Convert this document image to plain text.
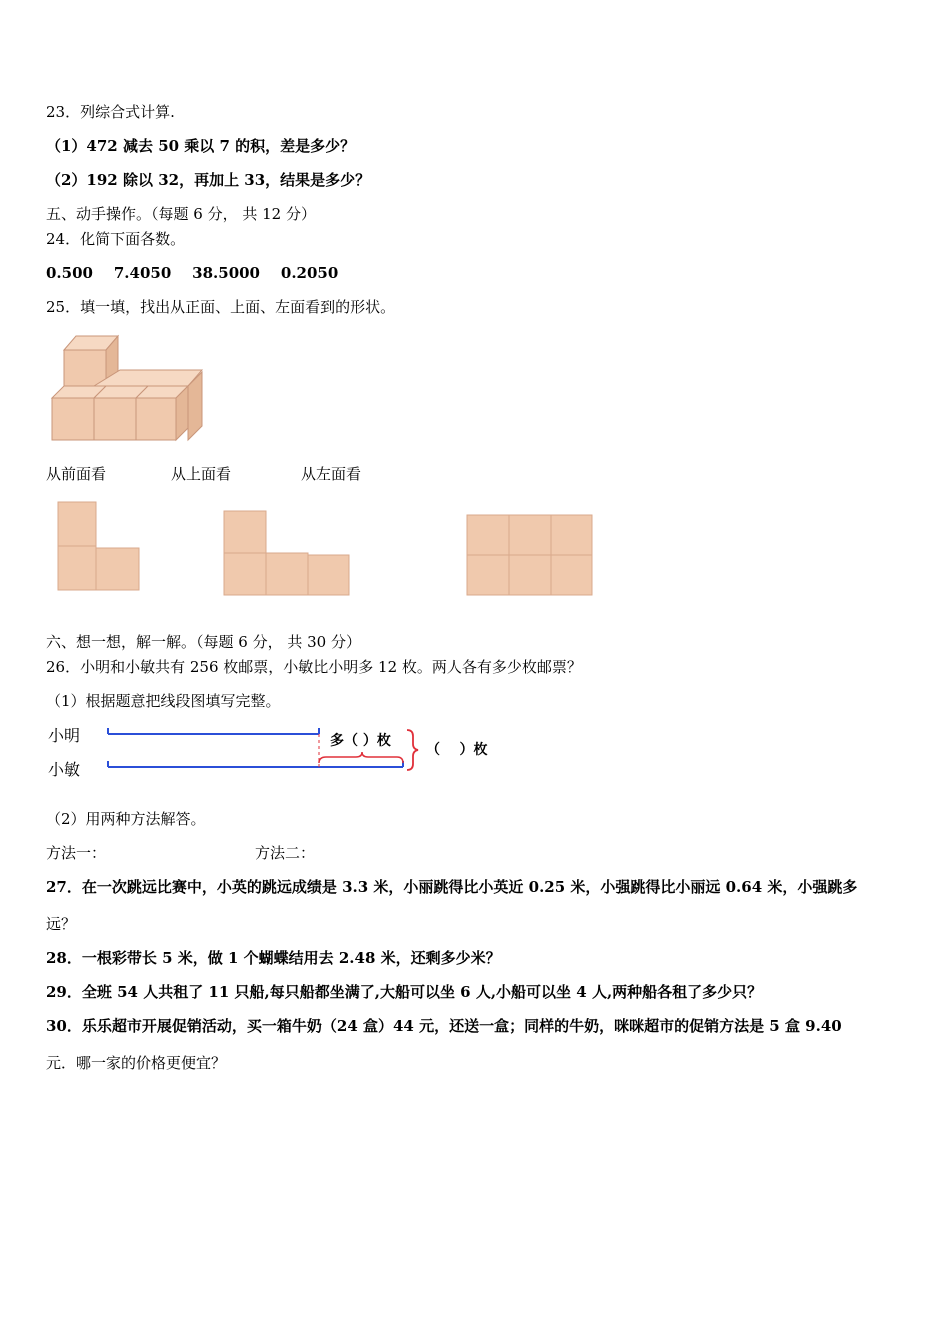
23．列综合式计算.
（1）472 减去 50 乘以 7 的积，差是多少？
（2）192 除以 32，再加上 33，结果是多少？
五、动手操作。（每题 6 分， 共 12 分）
24．化简下面各数。
0.500    7.4050    38.5000    0.2050
25．填一填，找出从正面、上面、左面看到的形状。
从前面看	从上面看	从左面看
六、想一想，解一解。（每题 6 分， 共 30 分）
26．小明和小敏共有 256 枚邮票，小敏比小明多 12 枚。两人各有多少枚邮票？
（1）根据题意把线段图填写完整。
小明
小敏
多（ ）枚
（    ）枚
（2）用两种方法解答。
方法一：	方法二：
27．在一次跳远比赛中，小英的跳远成绩是 3.3 米，小丽跳得比小英近 0.25 米，小强跳得比小丽远 0.64 米，小强跳多
远？
28．一根彩带长 5 米，做 1 个蝴蝶结用去 2.48 米，还剩多少米？
29．全班 54 人共租了 11 只船,每只船都坐满了,大船可以坐 6 人,小船可以坐 4 人,两种船各租了多少只？
30．乐乐超市开展促销活动，买一箱牛奶（24 盒）44 元，还送一盒；同样的牛奶，咪咪超市的促销方法是 5 盒 9.40
元．哪一家的价格更便宜？
